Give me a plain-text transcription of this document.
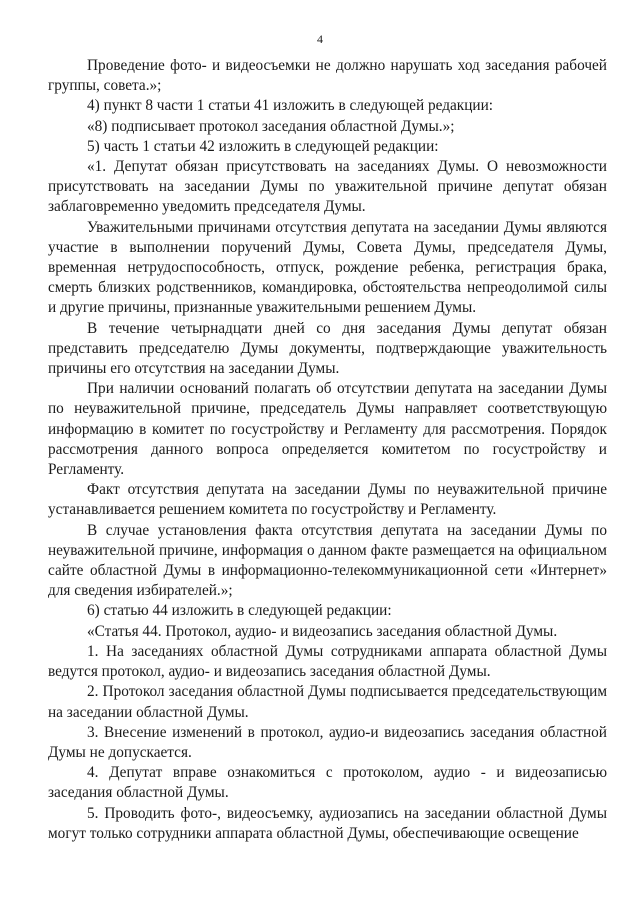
4

Проведение фото- и видеосъемки не должно нарушать ход заседания рабочей группы, совета.»;

4) пункт 8 части 1 статьи 41 изложить в следующей редакции:

«8) подписывает протокол заседания областной Думы.»;

5) часть 1 статьи 42 изложить в следующей редакции:

«1. Депутат обязан присутствовать на заседаниях Думы. О невозможности присутствовать на заседании Думы по уважительной причине депутат обязан заблаговременно уведомить председателя Думы.

Уважительными причинами отсутствия депутата на заседании Думы являются участие в выполнении поручений Думы, Совета Думы, председателя Думы, временная нетрудоспособность, отпуск, рождение ребенка, регистрация брака, смерть близких родственников, командировка, обстоятельства непреодолимой силы и другие причины, признанные уважительными решением Думы.

В течение четырнадцати дней со дня заседания Думы депутат обязан представить председателю Думы документы, подтверждающие уважительность причины его отсутствия на заседании Думы.

При наличии оснований полагать об отсутствии депутата на заседании Думы по неуважительной причине, председатель Думы направляет соответствующую информацию в комитет по госустройству и Регламенту для рассмотрения. Порядок рассмотрения данного вопроса определяется комитетом по госустройству и Регламенту.

Факт отсутствия депутата на заседании Думы по неуважительной причине устанавливается решением комитета по госустройству и Регламенту.

В случае установления факта отсутствия депутата на заседании Думы по неуважительной причине, информация о данном факте размещается на официальном сайте областной Думы в информационно-телекоммуникационной сети «Интернет» для сведения избирателей.»;

6) статью 44 изложить в следующей редакции:

«Статья 44. Протокол, аудио- и видеозапись заседания областной Думы.

1. На заседаниях областной Думы сотрудниками аппарата областной Думы ведутся протокол, аудио- и видеозапись заседания областной Думы.

2. Протокол заседания областной Думы подписывается председательствующим на заседании областной Думы.

3. Внесение изменений в протокол, аудио-и видеозапись заседания областной Думы не допускается.

4. Депутат вправе ознакомиться с протоколом, аудио - и видеозаписью заседания областной Думы.

5. Проводить фото-, видеосъемку, аудиозапись на заседании областной Думы могут только сотрудники аппарата областной Думы, обеспечивающие освещение
